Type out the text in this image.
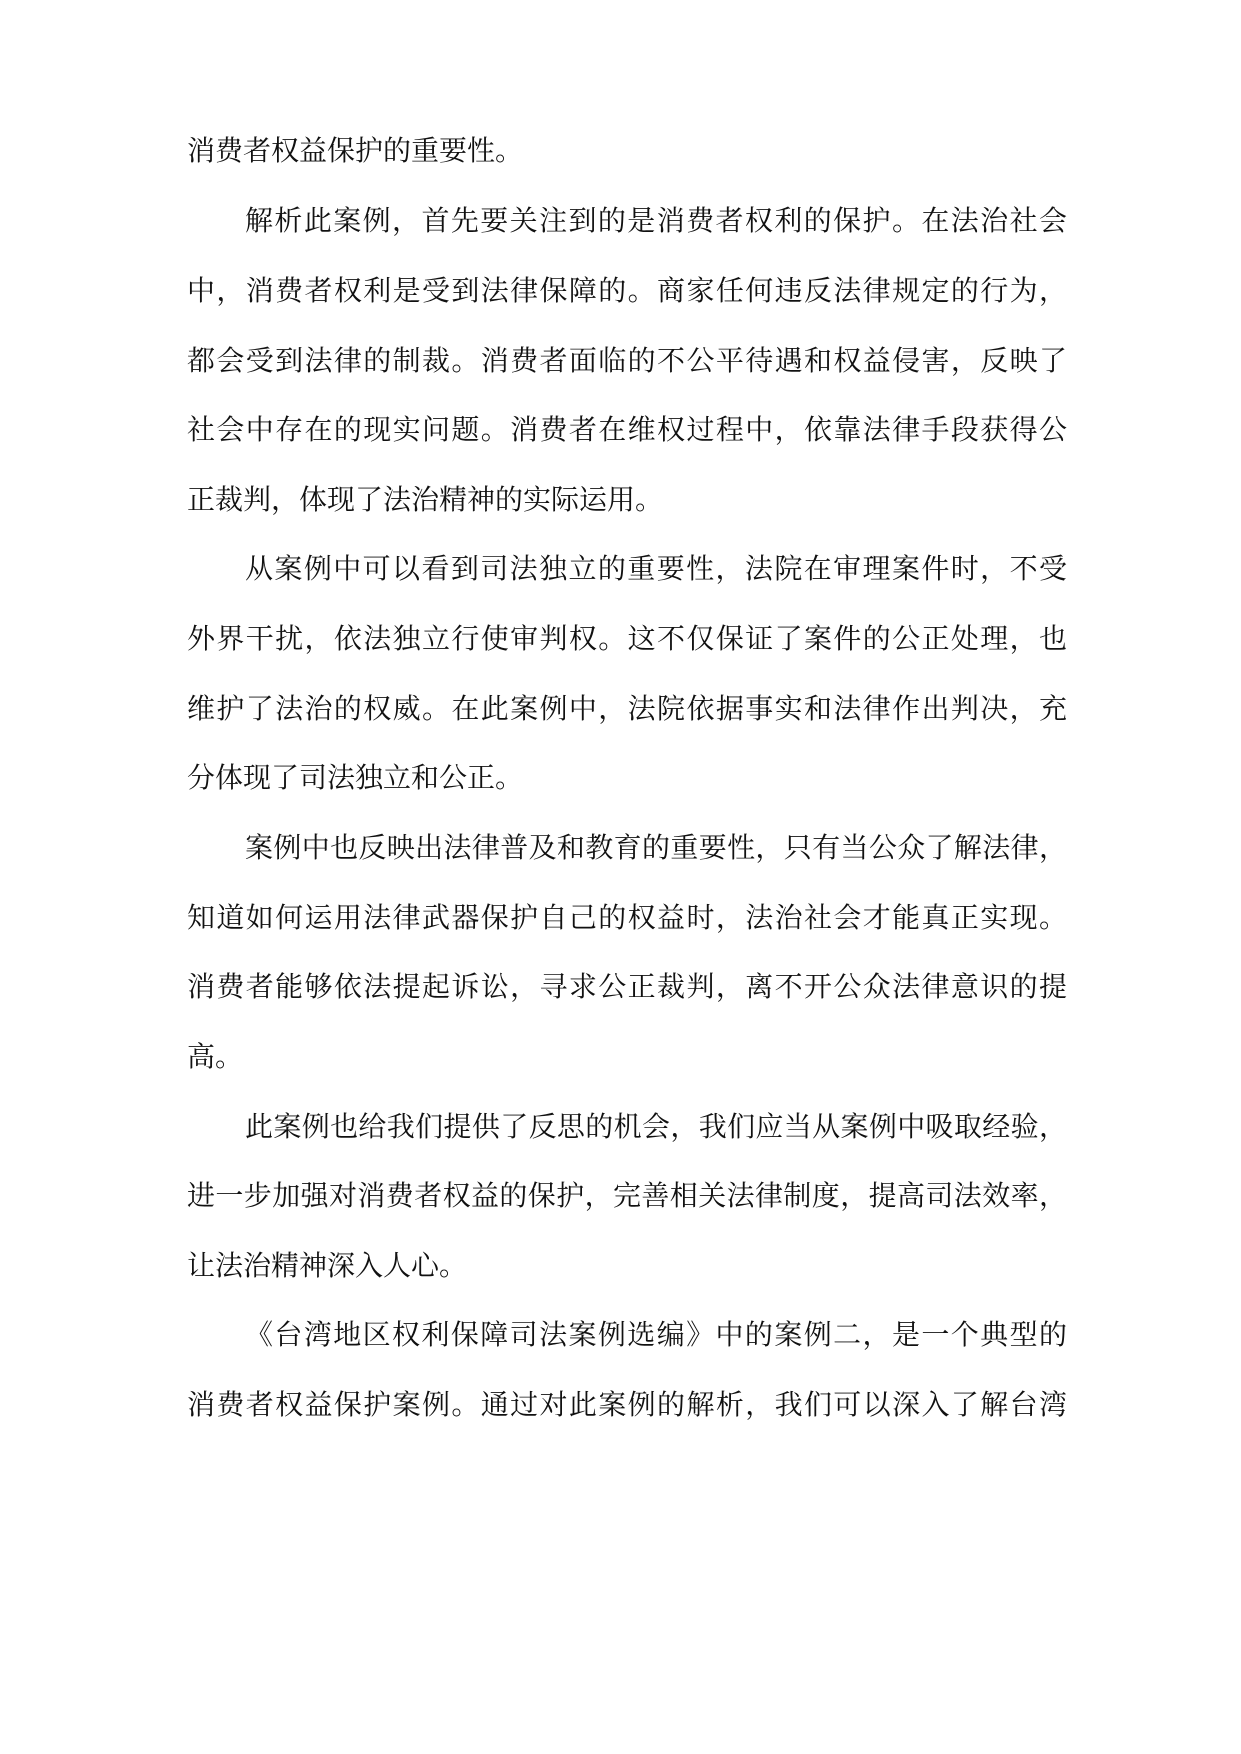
消费者权益保护的重要性。
解析此案例，首先要关注到的是消费者权利的保护。在法治社会
中，消费者权利是受到法律保障的。商家任何违反法律规定的行为，
都会受到法律的制裁。消费者面临的不公平待遇和权益侵害，反映了
社会中存在的现实问题。消费者在维权过程中，依靠法律手段获得公
正裁判，体现了法治精神的实际运用。
从案例中可以看到司法独立的重要性，法院在审理案件时，不受
外界干扰，依法独立行使审判权。这不仅保证了案件的公正处理，也
维护了法治的权威。在此案例中，法院依据事实和法律作出判决，充
分体现了司法独立和公正。
案例中也反映出法律普及和教育的重要性，只有当公众了解法律，
知道如何运用法律武器保护自己的权益时，法治社会才能真正实现。
消费者能够依法提起诉讼，寻求公正裁判，离不开公众法律意识的提
高。
此案例也给我们提供了反思的机会，我们应当从案例中吸取经验，
进一步加强对消费者权益的保护，完善相关法律制度，提高司法效率，
让法治精神深入人心。
《台湾地区权利保障司法案例选编》中的案例二，是一个典型的
消费者权益保护案例。通过对此案例的解析，我们可以深入了解台湾
